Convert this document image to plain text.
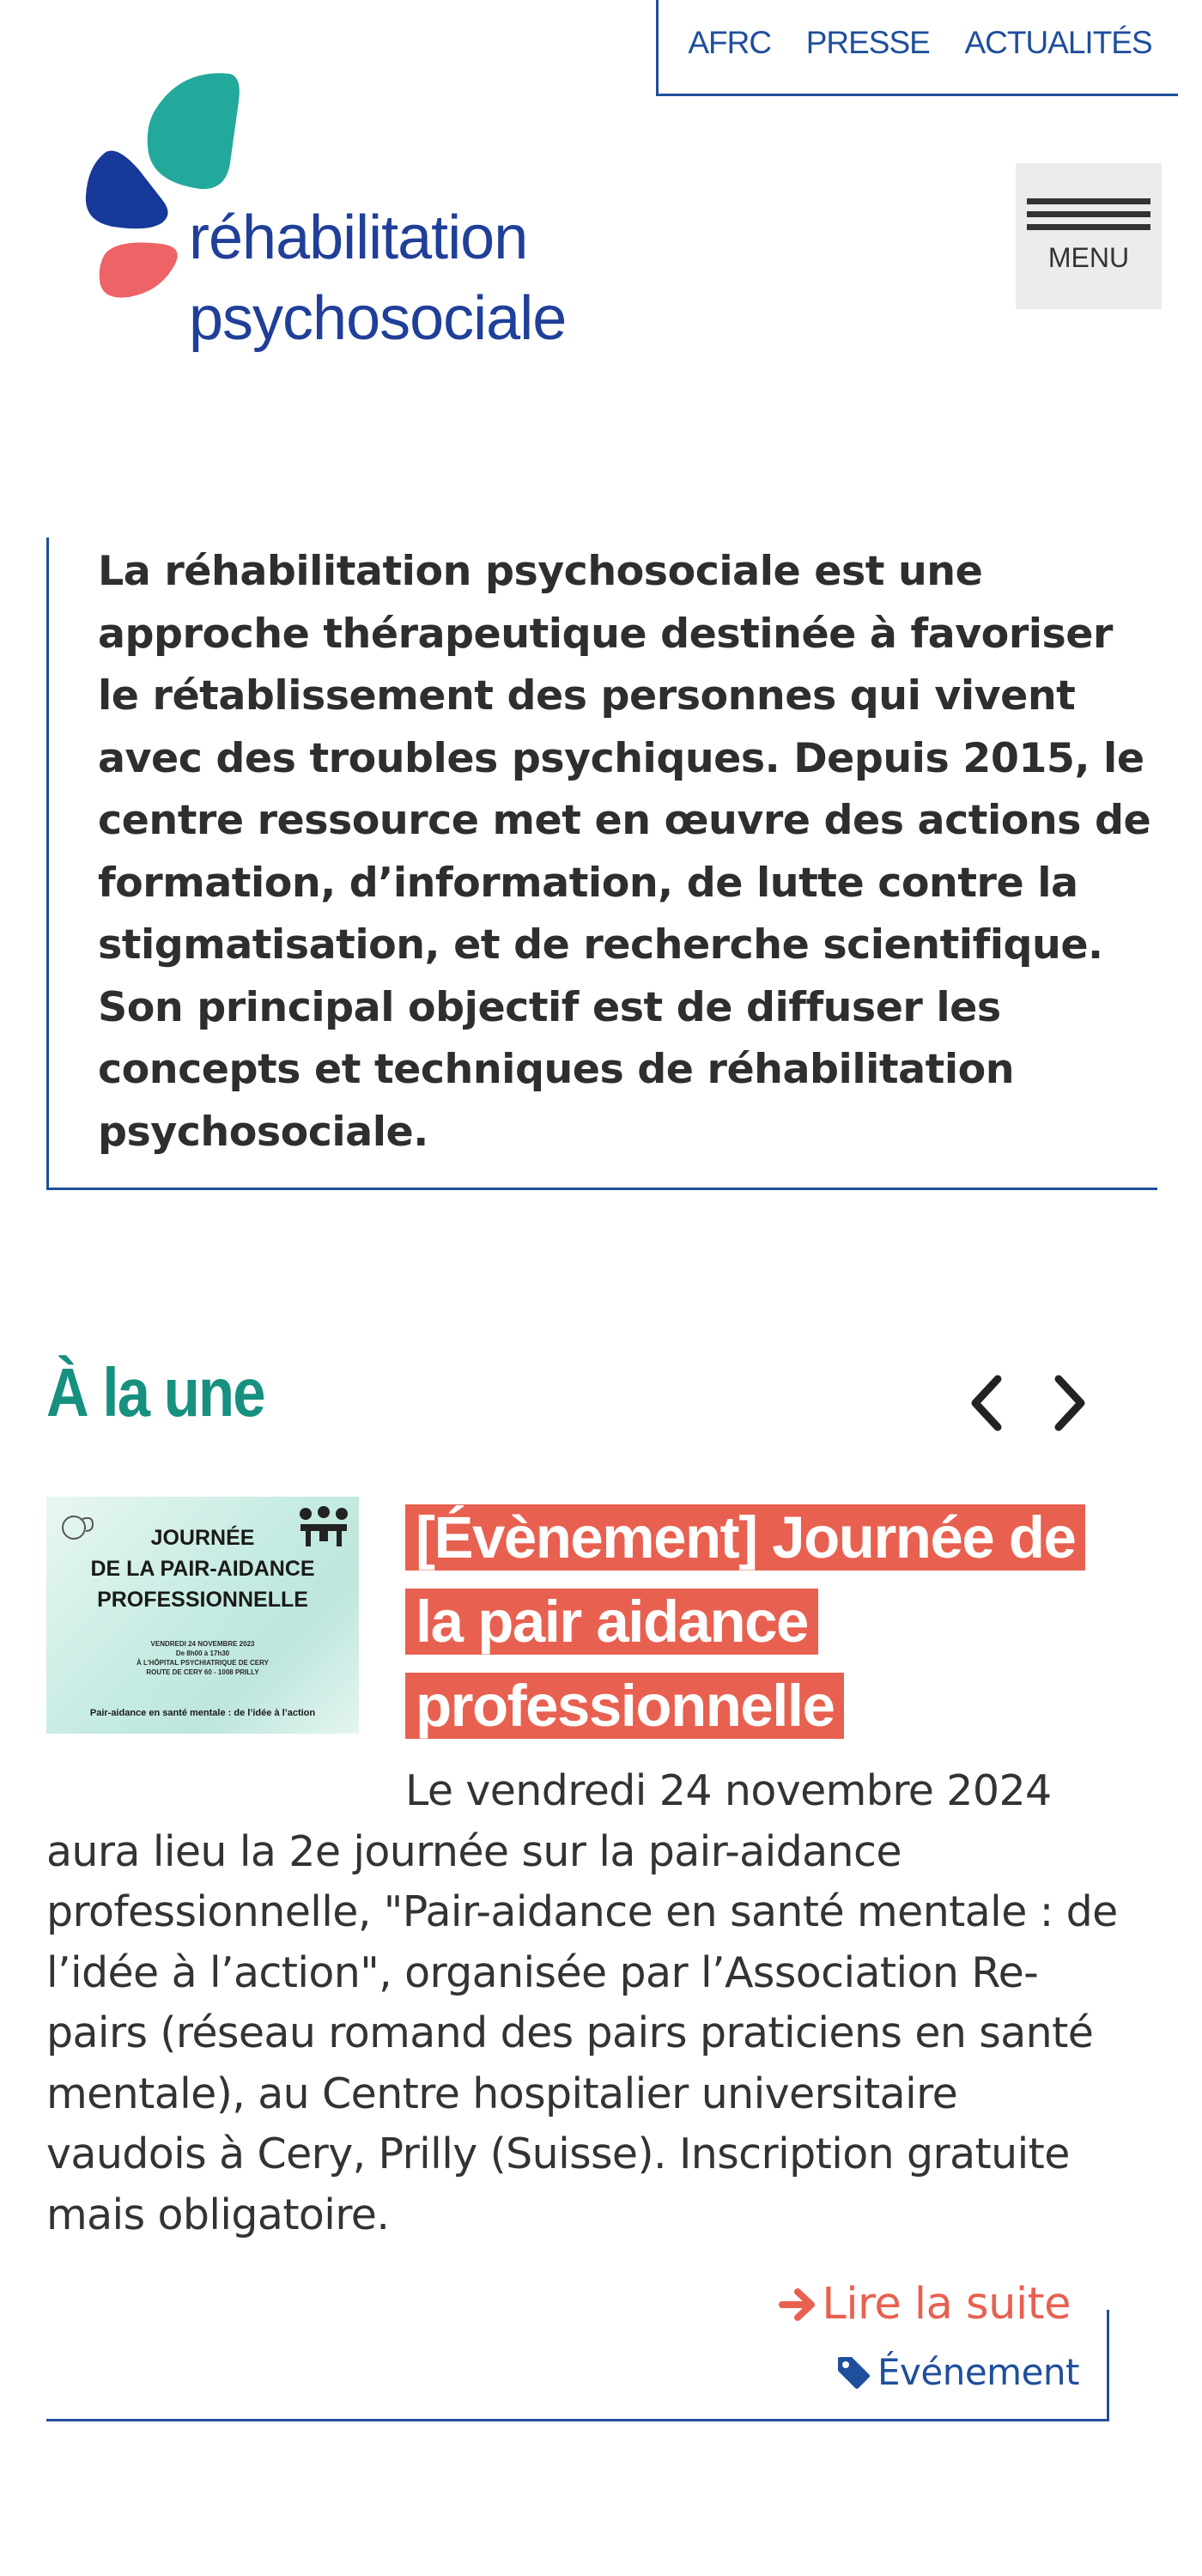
AFRC PRESSE ACTUALITÉS
réhabilitation
psychosociale
MENU

La réhabilitation psychosociale est une approche thérapeutique destinée à favoriser le rétablissement des personnes qui vivent avec des troubles psychiques. Depuis 2015, le centre ressource met en œuvre des actions de formation, d’information, de lutte contre la stigmatisation, et de recherche scientifique. Son principal objectif est de diffuser les concepts et techniques de réhabilitation psychosociale.

À la une
JOURNÉE
DE LA PAIR-AIDANCE
PROFESSIONNELLE
VENDREDI 24 NOVEMBRE 2023
De 8h00 à 17h30
À L’HÔPITAL PSYCHIATRIQUE DE CERY
ROUTE DE CERY 60 - 1008 PRILLY
Pair-aidance en santé mentale : de l’idée à l’action
[Évènement] Journée de la pair aidance professionnelle

Le vendredi 24 novembre 2024 aura lieu la 2e journée sur la pair-aidance professionnelle, "Pair-aidance en santé mentale : de l’idée à l’action", organisée par l’Association Re-pairs (réseau romand des pairs praticiens en santé mentale), au Centre hospitalier universitaire vaudois à Cery, Prilly (Suisse). Inscription gratuite mais obligatoire.

Lire la suite
Événement
